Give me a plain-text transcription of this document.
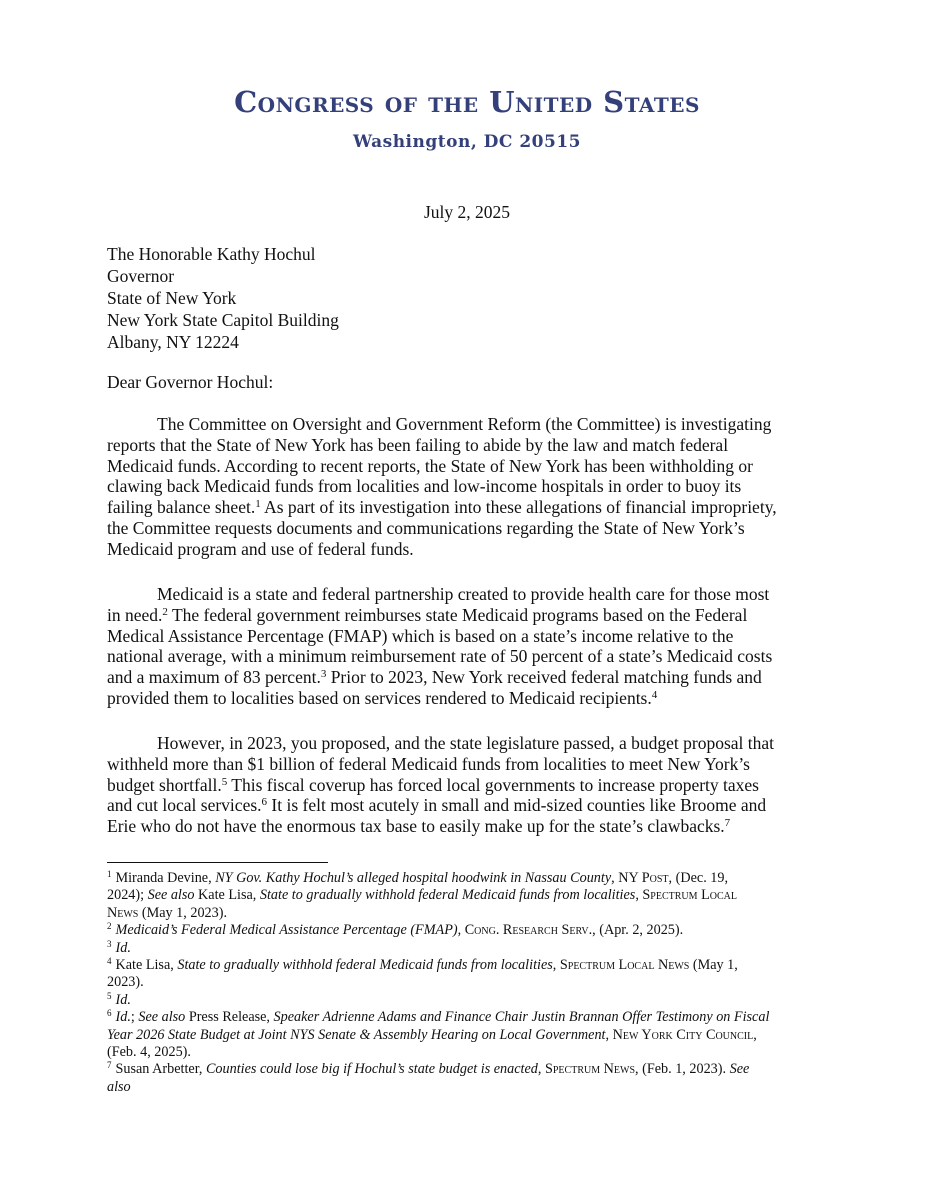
Congress of the United States
Washington, DC 20515
July 2, 2025
The Honorable Kathy Hochul
Governor
State of New York
New York State Capitol Building
Albany, NY 12224
Dear Governor Hochul:
The Committee on Oversight and Government Reform (the Committee) is investigating
reports that the State of New York has been failing to abide by the law and match federal
Medicaid funds. According to recent reports, the State of New York has been withholding or
clawing back Medicaid funds from localities and low-income hospitals in order to buoy its
failing balance sheet.$^1$ As part of its investigation into these allegations of financial impropriety,
the Committee requests documents and communications regarding the State of New York’s
Medicaid program and use of federal funds.
Medicaid is a state and federal partnership created to provide health care for those most
in need.$^2$ The federal government reimburses state Medicaid programs based on the Federal
Medical Assistance Percentage (FMAP) which is based on a state’s income relative to the
national average, with a minimum reimbursement rate of 50 percent of a state’s Medicaid costs
and a maximum of 83 percent.$^3$ Prior to 2023, New York received federal matching funds and
provided them to localities based on services rendered to Medicaid recipients.$^4$
However, in 2023, you proposed, and the state legislature passed, a budget proposal that
withheld more than $1 billion of federal Medicaid funds from localities to meet New York’s
budget shortfall.$^5$ This fiscal coverup has forced local governments to increase property taxes
and cut local services.$^6$ It is felt most acutely in small and mid-sized counties like Broome and
Erie who do not have the enormous tax base to easily make up for the state’s clawbacks.$^7$
$^1$ Miranda Devine, NY Gov. Kathy Hochul’s alleged hospital hoodwink in Nassau County, NY Post, (Dec. 19,
2024); See also Kate Lisa, State to gradually withhold federal Medicaid funds from localities, Spectrum Local
News (May 1, 2023).
$^2$ Medicaid’s Federal Medical Assistance Percentage (FMAP), Cong. Research Serv., (Apr. 2, 2025).
$^3$ Id.
$^4$ Kate Lisa, State to gradually withhold federal Medicaid funds from localities, Spectrum Local News (May 1,
2023).
$^5$ Id.
$^6$ Id.; See also Press Release, Speaker Adrienne Adams and Finance Chair Justin Brannan Offer Testimony on Fiscal
Year 2026 State Budget at Joint NYS Senate & Assembly Hearing on Local Government, New York City Council,
(Feb. 4, 2025).
$^7$ Susan Arbetter, Counties could lose big if Hochul’s state budget is enacted, Spectrum News, (Feb. 1, 2023). See
also
